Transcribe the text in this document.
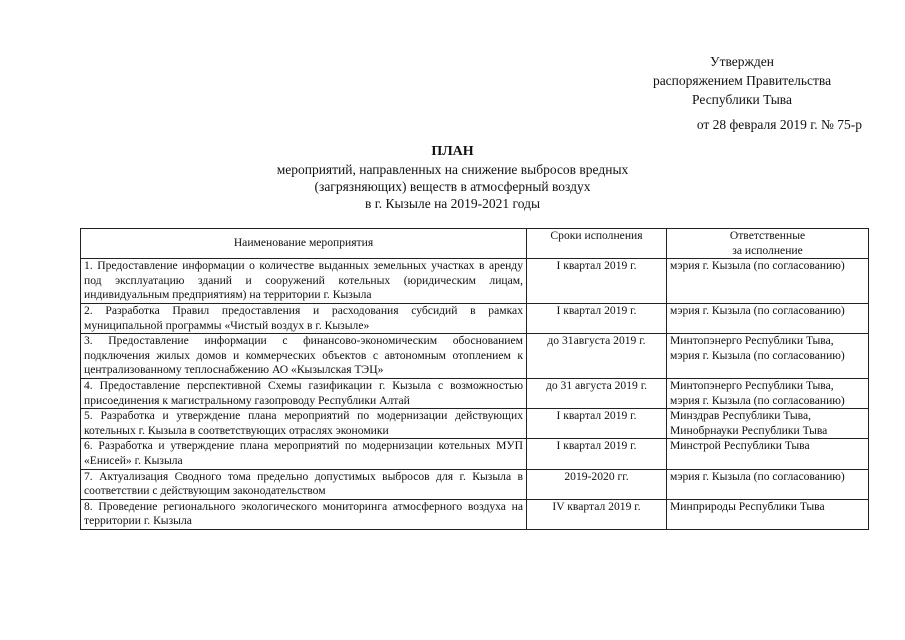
Утвержден
распоряжением Правительства
Республики Тыва
от 28 февраля 2019 г. № 75-р
ПЛАН
мероприятий, направленных на снижение выбросов вредных
(загрязняющих) веществ в атмосферный воздух
в г. Кызыле на 2019-2021 годы
Наименование мероприятия	Сроки исполнения	Ответственные
за исполнение

1. Предоставление информации о количестве выданных земельных участках в аренду под эксплуатацию зданий и сооружений котельных (юридическим лицам, индивидуальным предприятиям) на территории г. Кызыла	I квартал 2019 г.	мэрия г. Кызыла (по согласованию)
2. Разработка Правил предоставления и расходования субсидий в рамках муниципальной программы «Чистый воздух в г. Кызыле»	I квартал 2019 г.	мэрия г. Кызыла (по согласованию)
3. Предоставление информации с финансово-экономическим обоснованием подключения жилых домов и коммерческих объектов с автономным отоплением к централизованному теплоснабжению АО «Кызылская ТЭЦ»	до 31августа 2019 г.	Минтопэнерго Республики Тыва, мэрия г. Кызыла (по согласованию)
4. Предоставление перспективной Схемы газификации г. Кызыла с возможностью присоединения к магистральному газопроводу Республики Алтай	до 31 августа 2019 г.	Минтопэнерго Республики Тыва, мэрия г. Кызыла (по согласованию)
5. Разработка и утверждение плана мероприятий по модернизации действующих котельных г. Кызыла в соответствующих отраслях экономики	I квартал 2019 г.	Минздрав Республики Тыва, Минобрнауки Республики Тыва
6. Разработка и утверждение плана мероприятий по модернизации котельных МУП «Енисей» г. Кызыла	I квартал 2019 г.	Минстрой Республики Тыва
7. Актуализация Сводного тома предельно допустимых выбросов для г. Кызыла в соответствии с действующим законодательством	2019-2020 гг.	мэрия г. Кызыла (по согласованию)
8. Проведение регионального экологического мониторинга атмосферного воздуха на территории г. Кызыла	IV квартал 2019 г.	Минприроды Республики Тыва
